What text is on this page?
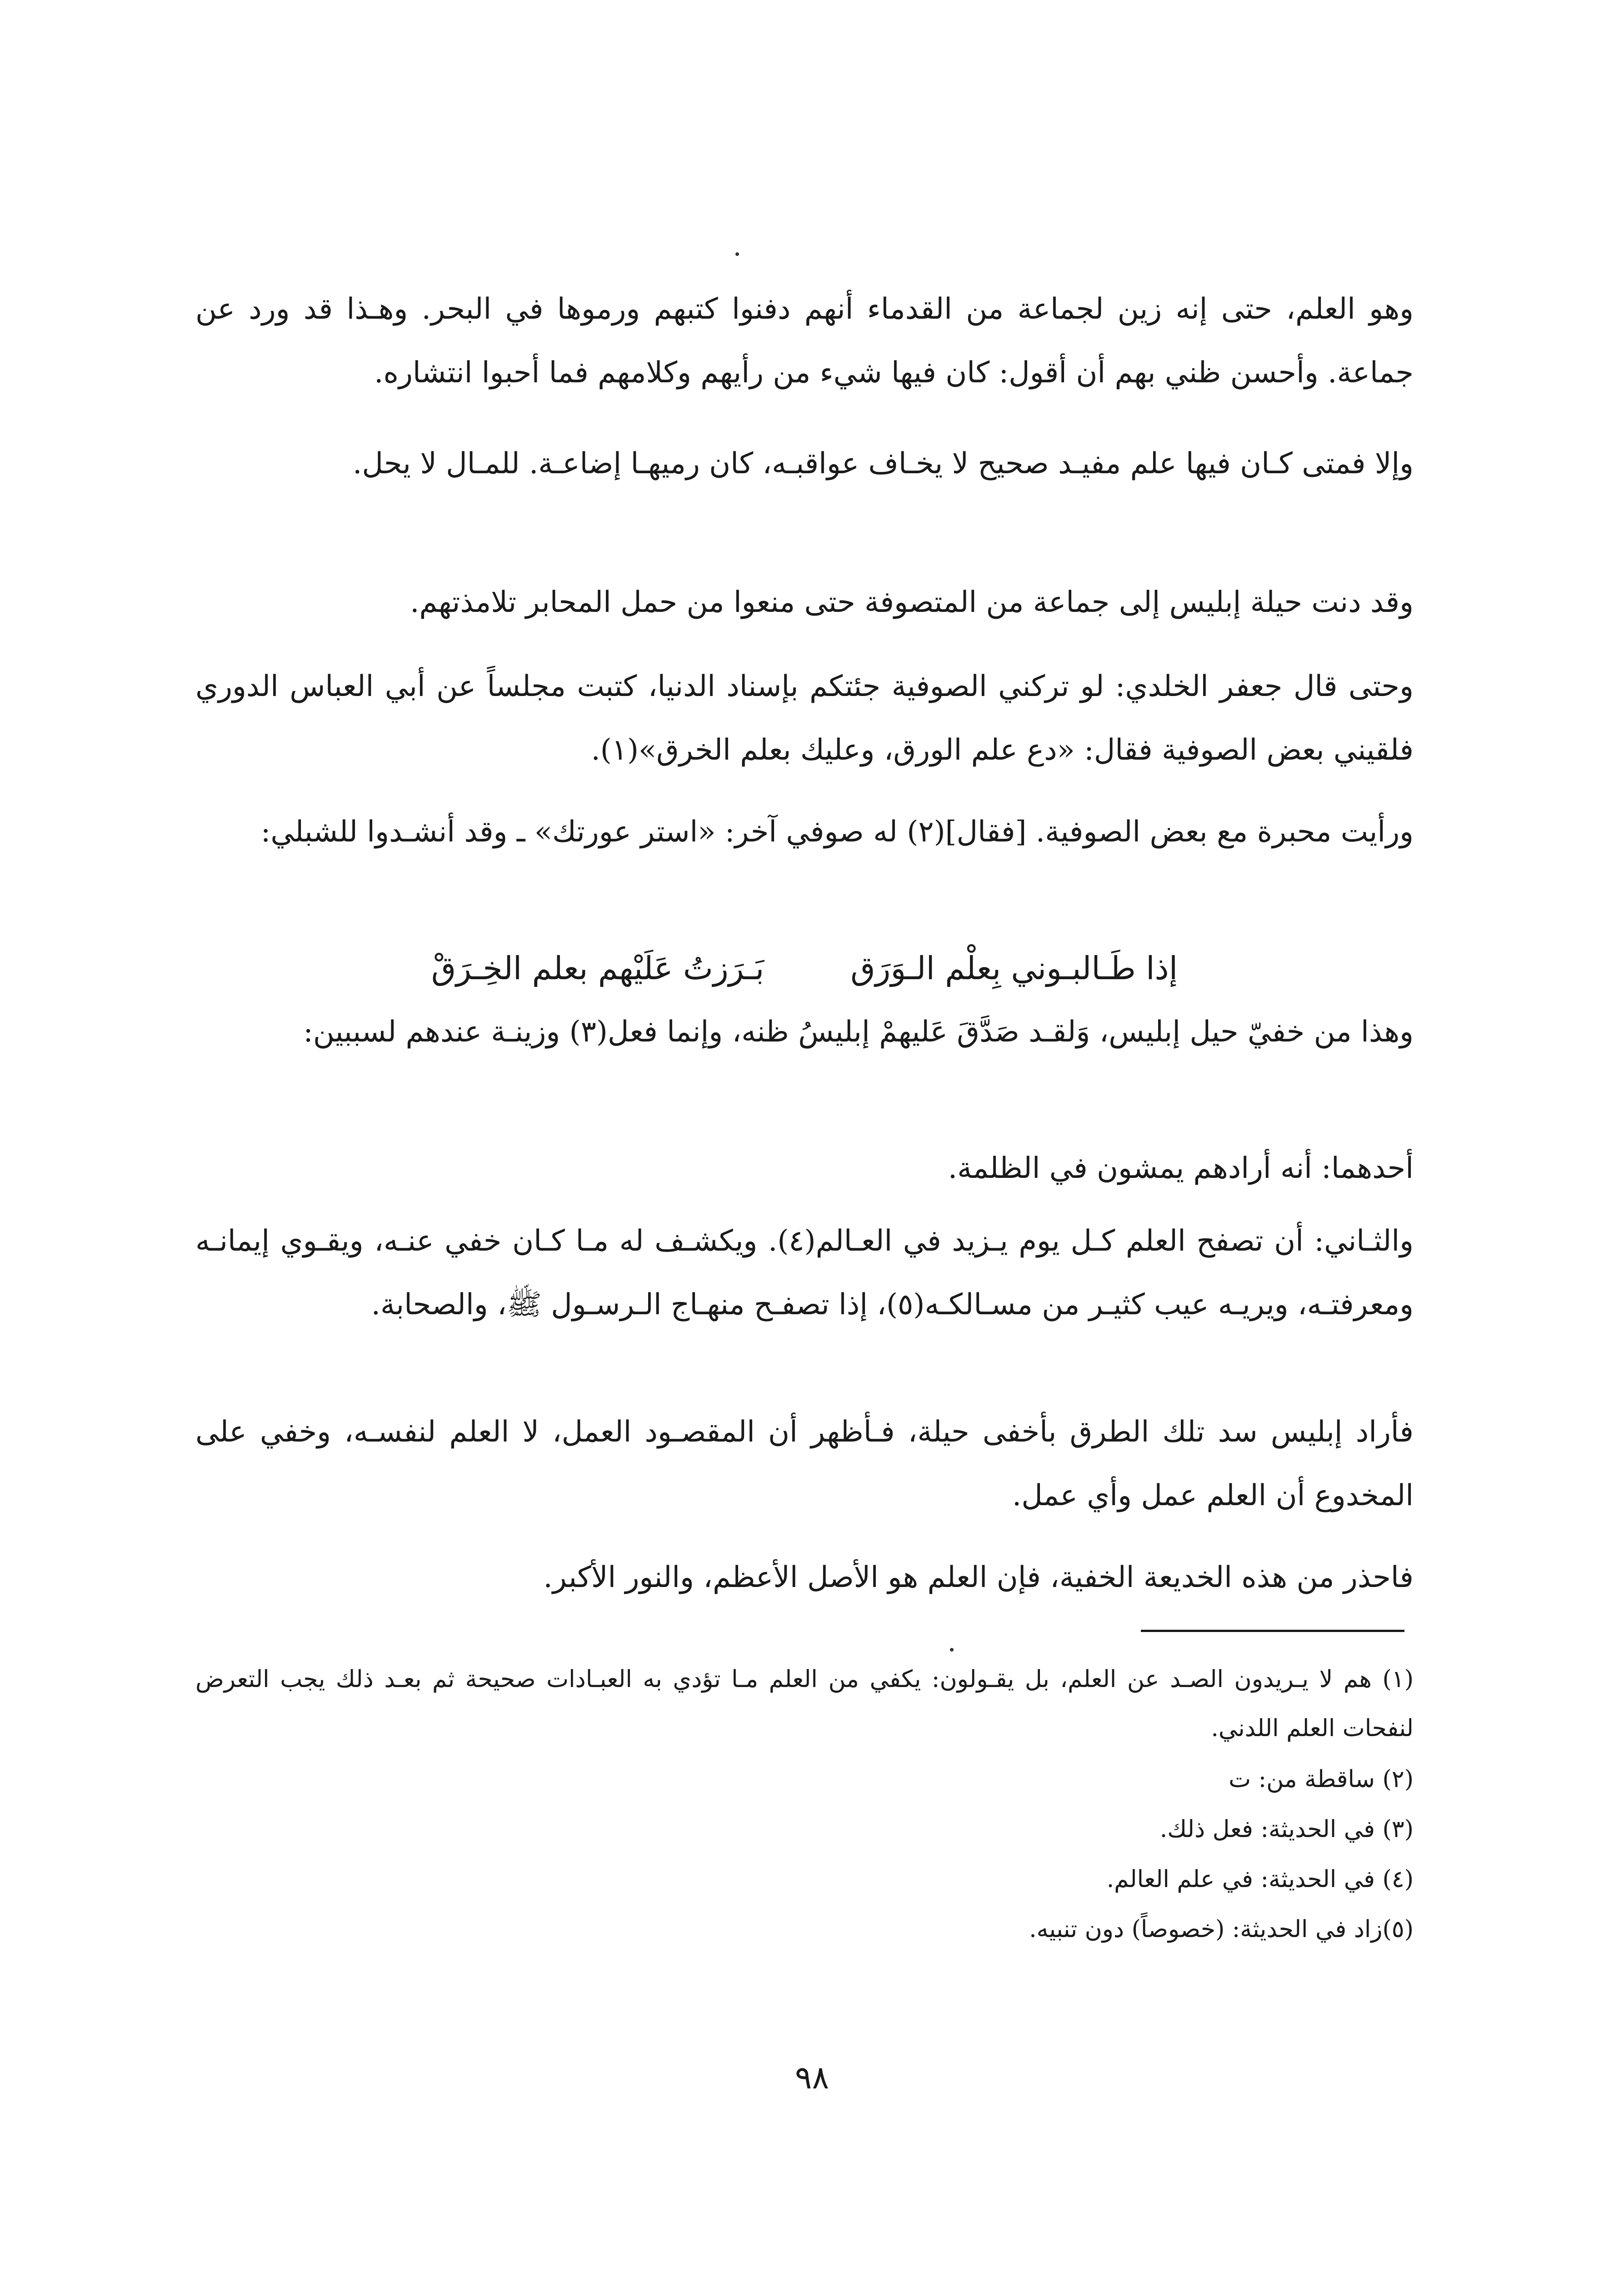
وهو العلم، حتى إنه زين لجماعة من القدماء أنهم دفنوا كتبهم ورموها في البحر. وهـذا قد ورد عن جماعة. وأحسن ظني بهم أن أقول: كان فيها شيء من رأيهم وكلامهم فما أحبوا انتشاره.

وإلا فمتى كـان فيها علم مفيـد صحيح لا يخـاف عواقبـه، كان رميهـا إضاعـة. للمـال لا يحل.

وقد دنت حيلة إبليس إلى جماعة من المتصوفة حتى منعوا من حمل المحابر تلامذتهم.

وحتى قال جعفر الخلدي: لو تركني الصوفية جئتكم بإسناد الدنيا، كتبت مجلساً عن أبي العباس الدوري فلقيني بعض الصوفية فقال: «دع علم الورق، وعليك بعلم الخرق»(١).

ورأيت محبرة مع بعض الصوفية. [فقال](٢) له صوفي آخر: «استر عورتك» ـ وقد أنشـدوا للشبلي:

إذا طَـالبـوني بِعلْم الـوَرَق
بَـرَزتُ عَلَيْهم بعلم الخِـرَقْ

وهذا من خفيّ حيل إبليس، وَلقـد صَدَّقَ عَليهمْ إبليسُ ظنه، وإنما فعل(٣) وزينـة عندهم لسببين:

أحدهما: أنه أرادهم يمشون في الظلمة.

والثـاني: أن تصفح العلم كـل يوم يـزيد في العـالم(٤). ويكشـف له مـا كـان خفي عنـه، ويقـوي إيمانـه ومعرفتـه، ويريـه عيب كثيـر من مسـالكـه(٥)، إذا تصفـح منهـاج الـرسـول ﷺ، والصحابة.

فأراد إبليس سد تلك الطرق بأخفى حيلة، فـأظهر أن المقصـود العمل، لا العلم لنفسـه، وخفي على المخدوع أن العلم عمل وأي عمل.

فاحذر من هذه الخديعة الخفية، فإن العلم هو الأصل الأعظم، والنور الأكبر.

(١) هم لا يـريدون الصـد عن العلم، بل يقـولون: يكفي من العلم مـا تؤدي به العبـادات صحيحة ثم بعـد ذلك يجب التعرض لنفحات العلم اللدني.

(٢) ساقطة من: ت

(٣) في الحديثة: فعل ذلك.

(٤) في الحديثة: في علم العالم.

(٥)زاد في الحديثة: (خصوصاً) دون تنبيه.

٩٨
